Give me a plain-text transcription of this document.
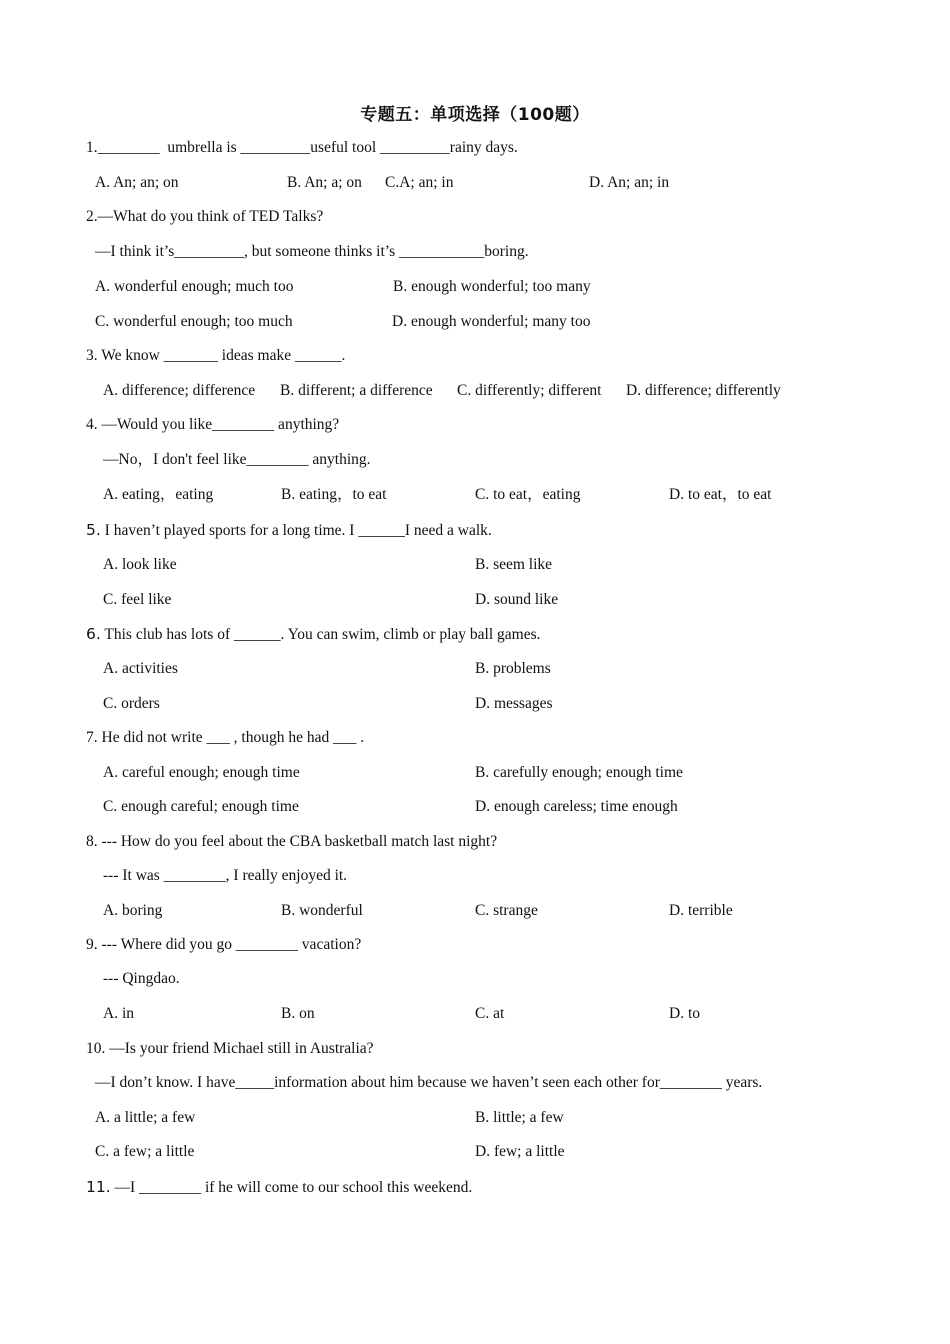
专题五：单项选择（100题）
1.________  umbrella is _________useful tool _________rainy days.
A. An; an; on	B. An; a; on C.A; an; in	D. An; an; in
2.—What do you think of TED Talks?
—I think it’s_________, but someone thinks it’s ___________boring.
A. wonderful enough; much too	B. enough wonderful; too many
C. wonderful enough; too much	D. enough wonderful; many too
3. We know _______ ideas make ______.
A. difference; difference B. different; a difference C. differently; different D. difference; differently
4. —Would you like________ anything?
—No，I don't feel like________ anything.
A. eating，eating	B. eating，to eat	C. to eat，eating	D. to eat，to eat
5. I haven’t played sports for a long time. I ______I need a walk.
A. look like	B. seem like
C. feel like	D. sound like
6. This club has lots of ______. You can swim, climb or play ball games.
A. activities	B. problems
C. orders	D. messages
7. He did not write ___ , though he had ___ .
A. careful enough; enough time	B. carefully enough; enough time
C. enough careful; enough time	D. enough careless; time enough
8. --- How do you feel about the CBA basketball match last night?
--- It was ________, I really enjoyed it.
A. boring	B. wonderful	C. strange	D. terrible
9. --- Where did you go ________ vacation?
--- Qingdao.
A. in	B. on	C. at	D. to
10. —Is your friend Michael still in Australia?
—I don’t know. I have_____information about him because we haven’t seen each other for________ years.
A. a little; a few	B. little; a few
C. a few; a little	D. few; a little
11. —I ________ if he will come to our school this weekend.
